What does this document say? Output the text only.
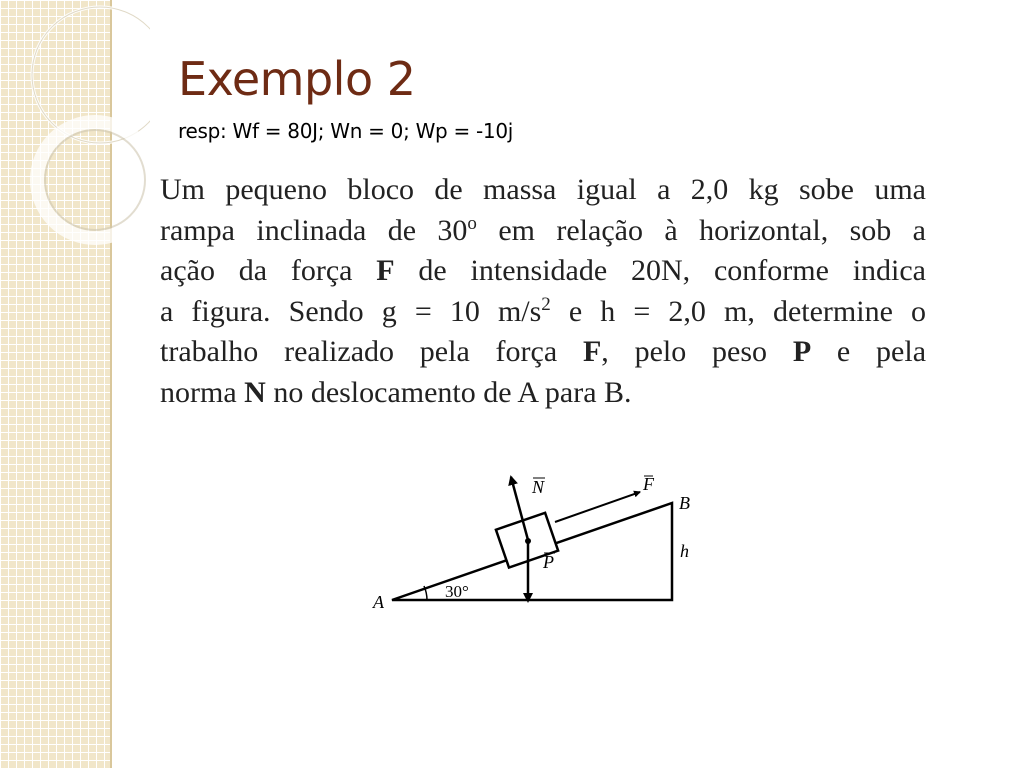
Exemplo 2
resp: Wf = 80J; Wn = 0; Wp = -10j
Um pequeno bloco de massa igual a 2,0 kg sobe uma
rampa inclinada de 30$^o$ em relação à horizontal, sob a
ação da força F de intensidade 20N, conforme indica
a figura. Sendo g = 10 $m/s^2$ e h = 2,0 m, determine o
trabalho realizado pela força F, pelo peso P e pela
norma N no deslocamento de A para B.
30°
F
N
P
A
B
h
